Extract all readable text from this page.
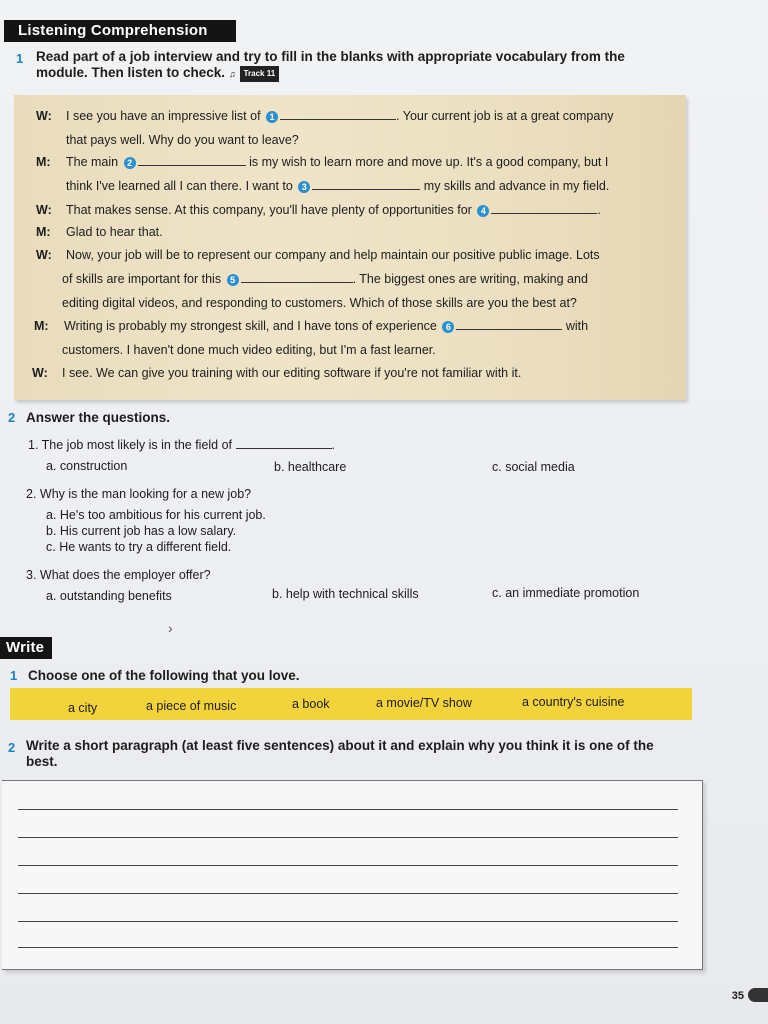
Listening Comprehension
1 Read part of a job interview and try to fill in the blanks with appropriate vocabulary from the
module. Then listen to check. ♫ Track 11
W: I see you have an impressive list of 1	. Your current job is at a great company
that pays well. Why do you want to leave?
M: The main 2	is my wish to learn more and move up. It's a good company, but I
think I've learned all I can there. I want to 3	my skills and advance in my field.
W: That makes sense. At this company, you'll have plenty of opportunities for 4	.
M: Glad to hear that.
W: Now, your job will be to represent our company and help maintain our positive public image. Lots
of skills are important for this 5	. The biggest ones are writing, making and
editing digital videos, and responding to customers. Which of those skills are you the best at?
M: Writing is probably my strongest skill, and I have tons of experience 6	with
customers. I haven't done much video editing, but I'm a fast learner.
W: I see. We can give you training with our editing software if you're not familiar with it.
2 Answer the questions.
1. The job most likely is in the field of	.
a. construction	b. healthcare	c. social media
2. Why is the man looking for a new job?
a. He's too ambitious for his current job.
b. His current job has a low salary.
c. He wants to try a different field.
3. What does the employer offer?
a. outstanding benefits	b. help with technical skills	c. an immediate promotion
›
Write
1 Choose one of the following that you love.
a city	a piece of music	a book	a movie/TV show	a country's cuisine
2 Write a short paragraph (at least five sentences) about it and explain why you think it is one of the
best.
35
